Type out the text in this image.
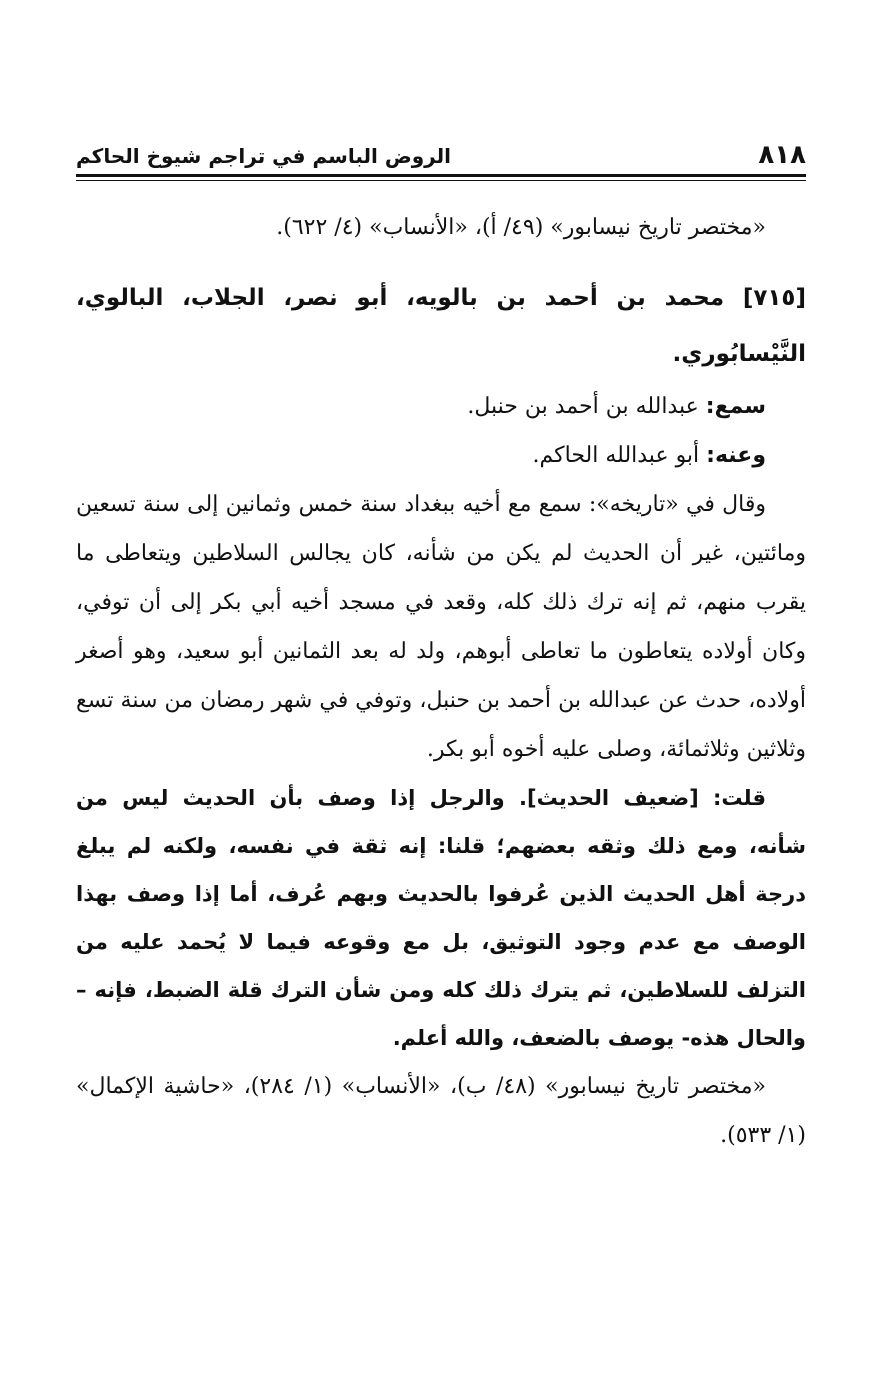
٨١٨
الروض الباسم في تراجم شيوخ الحاكم

«مختصر تاريخ نيسابور» (٤٩/ أ)، «الأنساب» (٤/ ٦٢٢).

[٧١٥] محمد بن أحمد بن بالويه، أبو نصر، الجلاب، البالوي، النَّيْسابُوري.

سمع: عبدالله بن أحمد بن حنبل.

وعنه: أبو عبدالله الحاكم.

وقال في «تاريخه»: سمع مع أخيه ببغداد سنة خمس وثمانين إلى سنة تسعين ومائتين، غير أن الحديث لم يكن من شأنه، كان يجالس السلاطين ويتعاطى ما يقرب منهم، ثم إنه ترك ذلك كله، وقعد في مسجد أخيه أبي بكر إلى أن توفي، وكان أولاده يتعاطون ما تعاطى أبوهم، ولد له بعد الثمانين أبو سعيد، وهو أصغر أولاده، حدث عن عبدالله بن أحمد بن حنبل، وتوفي في شهر رمضان من سنة تسع وثلاثين وثلاثمائة، وصلى عليه أخوه أبو بكر.

قلت: [ضعيف الحديث]. والرجل إذا وصف بأن الحديث ليس من شأنه، ومع ذلك وثقه بعضهم؛ قلنا: إنه ثقة في نفسه، ولكنه لم يبلغ درجة أهل الحديث الذين عُرفوا بالحديث وبهم عُرف، أما إذا وصف بهذا الوصف مع عدم وجود التوثيق، بل مع وقوعه فيما لا يُحمد عليه من التزلف للسلاطين، ثم يترك ذلك كله ومن شأن الترك قلة الضبط، فإنه – والحال هذه- يوصف بالضعف، والله أعلم.

«مختصر تاريخ نيسابور» (٤٨/ ب)، «الأنساب» (١/ ٢٨٤)، «حاشية الإكمال» (١/ ٥٣٣).
